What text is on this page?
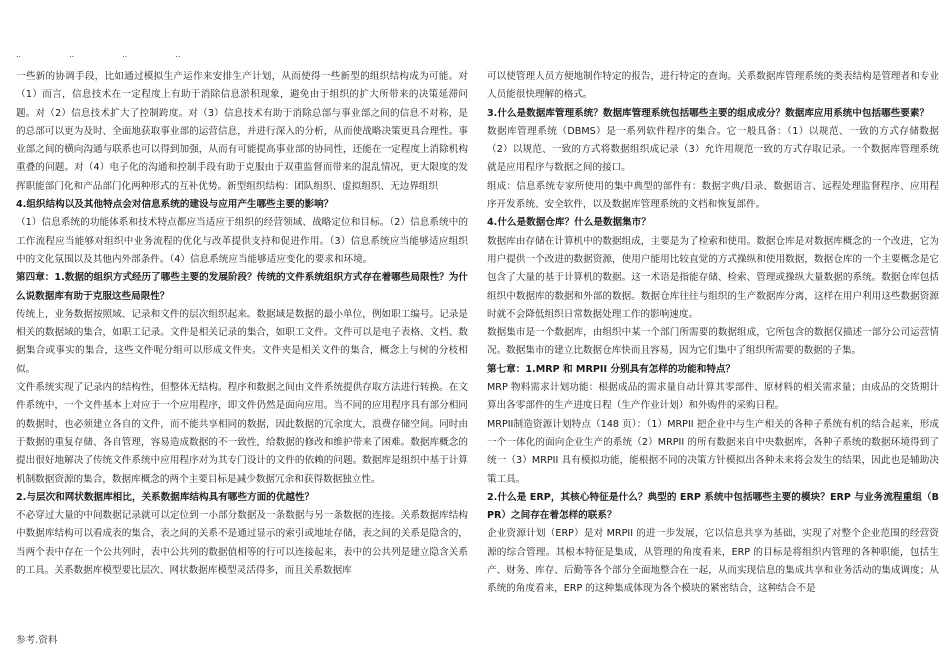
..	..	..	..

一些新的协调手段，比如通过模拟生产运作来安排生产计划，从而使得一些新型的组织结构成为可能。对（1）而言，信息技术在一定程度上有助于消除信息淤积现象，避免由于组织的扩大所带来的决策延滞问题。对（2）信息技术扩大了控制跨度。对（3）信息技术有助于消除总部与事业部之间的信息不对称，是的总部可以更为及时、全面地获取事业部的运营信息，并进行深入的分析，从而使战略决策更具合理性。事业部之间的横向沟通与联系也可以得到加强，从而有可能提高事业部的协同性，还能在一定程度上消除机构重叠的问题。对（4）电子化的沟通和控制手段有助于克服由于双重监督而带来的混乱情况，更大限度的发挥职能部门化和产品部门化两种形式的互补优势。新型组织结构：团队组织、虚拟组织、无边界组织

4.组织结构以及其他特点会对信息系统的建设与应用产生哪些主要的影响？

（1）信息系统的功能体系和技术特点都应当适应于组织的经营领域、战略定位和目标。（2）信息系统中的工作流程应当能够对组织中业务流程的优化与改革提供支持和促进作用。（3）信息系统应当能够适应组织中的文化氛围以及其他内外部条件。（4）信息系统应当能够适应变化的要求和环境。

第四章：1.数据的组织方式经历了哪些主要的发展阶段？传统的文件系统组织方式存在着哪些局限性？为什么说数据库有助于克服这些局限性？

传统上，业务数据按照域、记录和文件的层次组织起来。数据域是数据的最小单位，例如职工编号。记录是相关的数据域的集合，如职工记录。文件是相关记录的集合，如职工文件。文件可以是电子表格、文档、数据集合或事实的集合，这些文件呢分组可以形成文件夹。文件夹是相关文件的集合，概念上与树的分枝相似。

文件系统实现了记录内的结构性，但整体无结构。程序和数据之间由文件系统提供存取方法进行转换。在文件系统中，一个文件基本上对应于一个应用程序，即文件仍然是面向应用。当不同的应用程序具有部分相同的数据时，也必须建立各自的文件，而不能共享相同的数据，因此数据的冗余度大，浪费存储空间。同时由于数据的重复存储、各自管理，容易造成数据的不一致性，给数据的修改和维护带来了困难。数据库概念的提出很好地解决了传统文件系统中应用程序对为其专门设计的文件的依赖的问题。数据库是组织中基于计算机制数据资源的集合，数据库概念的两个主要目标是减少数据冗余和获得数据独立性。

2.与层次和网状数据库相比，关系数据库结构具有哪些方面的优越性？

不必穿过大量的中间数据记录就可以定位到一小部分数据及一条数据与另一条数据的连接。关系数据库结构中数据库结构可以看成表的集合，表之间的关系不是通过显示的索引或地址存储，表之间的关系是隐含的，当两个表中存在一个公共列时，表中公共列的数据值相等的行可以连接起来，表中的公共列是建立隐含关系的工具。关系数据库模型要比层次、网状数据库模型灵活得多，而且关系数据库

可以使管理人员方便地制作特定的报告，进行特定的查询。关系数据库管理系统的类表结构是管理者和专业人员能很快理解的格式。

3.什么是数据库管理系统？数据库管理系统包括哪些主要的组成成分？数据库应用系统中包括哪些要素？

数据库管理系统（DBMS）是一系列软件程序的集合。它一般具备：（1）以规范、一致的方式存储数据（2）以规范、一致的方式将数据组织成记录（3）允许用规范一致的方式存取记录。一个数据库管理系统就是应用程序与数据之间的接口。

组成：信息系统专家所使用的集中典型的部件有：数据字典/目录、数据语言、远程处理监督程序、应用程序开发系统、安全软件，以及数据库管理系统的文档和恢复部件。

4.什么是数据仓库？什么是数据集市？

数据库由存储在计算机中的数据组成，主要是为了检索和使用。数据仓库是对数据库概念的一个改进，它为用户提供一个改进的数据资源，使用户能用比较直觉的方式操纵和使用数据，数据仓库的一个主要概念是它包含了大量的基于计算机的数据。这一术语是指能存储、检索、管理或操纵大量数据的系统。数据仓库包括组织中数据库的数据和外部的数据。数据仓库往往与组织的生产数据库分离，这样在用户利用这些数据资源时就不会降低组织日常数据处理工作的影响速度。

数据集市是一个数据库，由组织中某一个部门所需要的数据组成，它所包含的数据仅描述一部分公司运营情况。数据集市的建立比数据仓库快而且容易，因为它们集中了组织所需要的数据的子集。

第七章：1.MRP 和 MRPII 分别具有怎样的功能和特点？

MRP 物料需求计划功能：根据成品的需求量自动计算其零部件、原材料的相关需求量；由成品的交货期计算出各零部件的生产进度日程（生产作业计划）和外购件的采购日程。

MRPII制造资源计划特点（148 页）：（1）MRPII 把企业中与生产相关的各种子系统有机的结合起来，形成一个一体化的面向企业生产的系统（2）MRPII 的所有数据来自中央数据库，各种子系统的数据环境得到了统一（3）MRPII 具有模拟功能，能根据不同的决策方针模拟出各种未来将会发生的结果，因此也是辅助决策工具。

2.什么是 ERP，其核心特征是什么？典型的 ERP 系统中包括哪些主要的模块？ERP 与业务流程重组（BPR）之间存在着怎样的联系？

企业资源计划（ERP）是对 MRPII 的进一步发展，它以信息共享为基础，实现了对整个企业范围的经营资源的综合管理。其根本特征是集成，从管理的角度看来，ERP 的目标是将组织内管理的各种职能，包括生产、财务、库存、后勤等各个部分全面地整合在一起，从而实现信息的集成共享和业务活动的集成调度；从系统的角度看来，ERP 的这种集成体现为各个模块的紧密结合，这种结合不是

参考.资料
